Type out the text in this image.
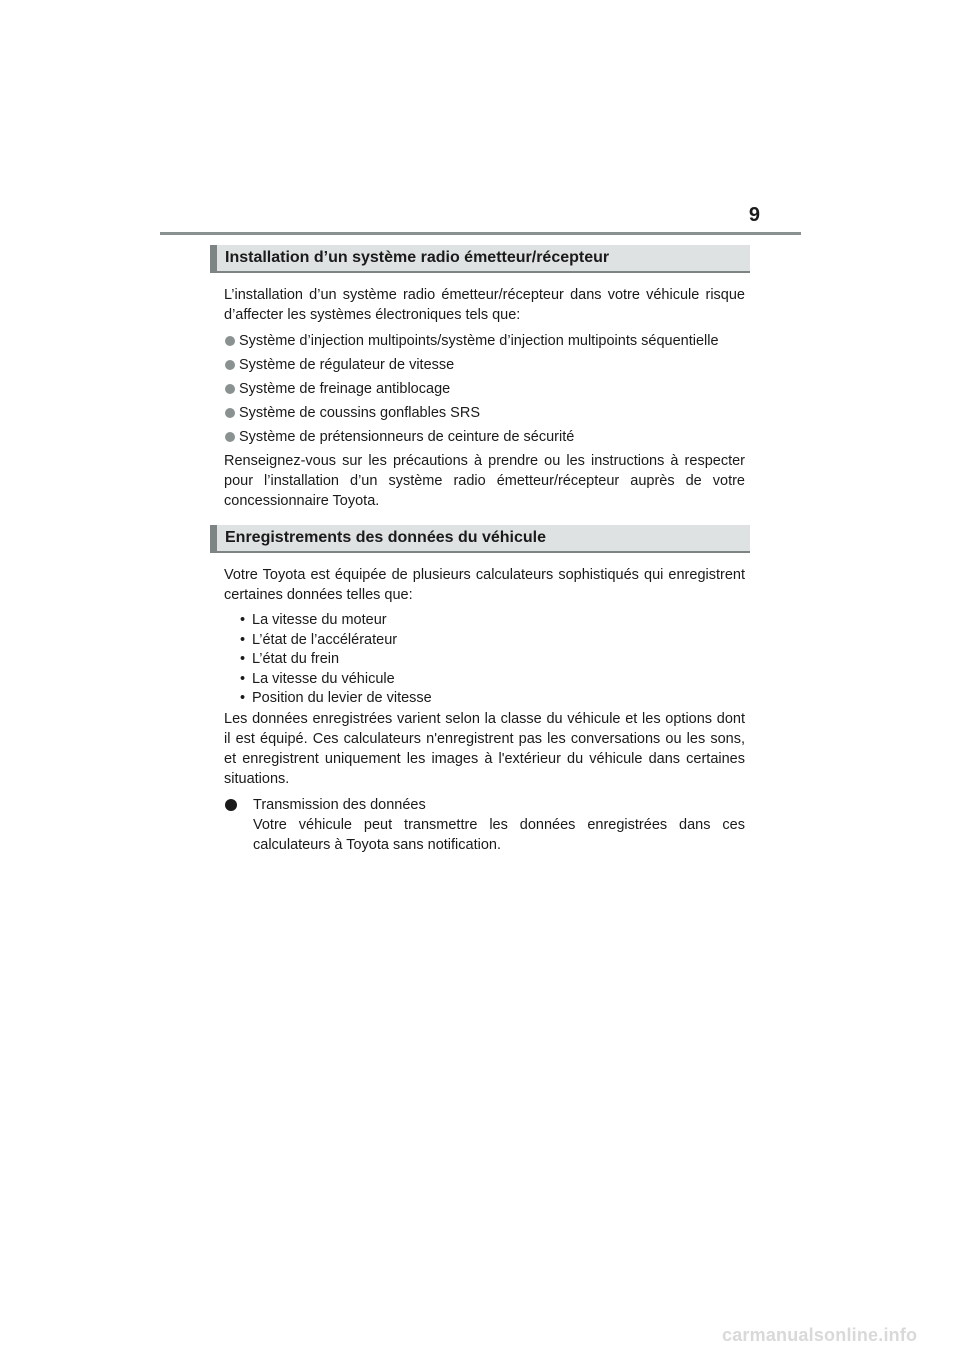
9
Installation d’un système radio émetteur/récepteur

L’installation d’un système radio émetteur/récepteur dans votre véhicule risque d’affecter les systèmes électroniques tels que:

Système d’injection multipoints/système d’injection multipoints séquentielle
Système de régulateur de vitesse
Système de freinage antiblocage
Système de coussins gonflables SRS
Système de prétensionneurs de ceinture de sécurité

Renseignez-vous sur les précautions à prendre ou les instructions à respecter pour l’installation d’un système radio émetteur/récepteur auprès de votre concessionnaire Toyota.

Enregistrements des données du véhicule

Votre Toyota est équipée de plusieurs calculateurs sophistiqués qui enregistrent certaines données telles que:

• La vitesse du moteur
• L’état de l’accélérateur
• L’état du frein
• La vitesse du véhicule
• Position du levier de vitesse

Les données enregistrées varient selon la classe du véhicule et les options dont il est équipé. Ces calculateurs n'enregistrent pas les conversations ou les sons, et enregistrent uniquement les images à l'extérieur du véhicule dans certaines situations.

Transmission des données

Votre véhicule peut transmettre les données enregistrées dans ces calculateurs à Toyota sans notification.

carmanualsonline.info
